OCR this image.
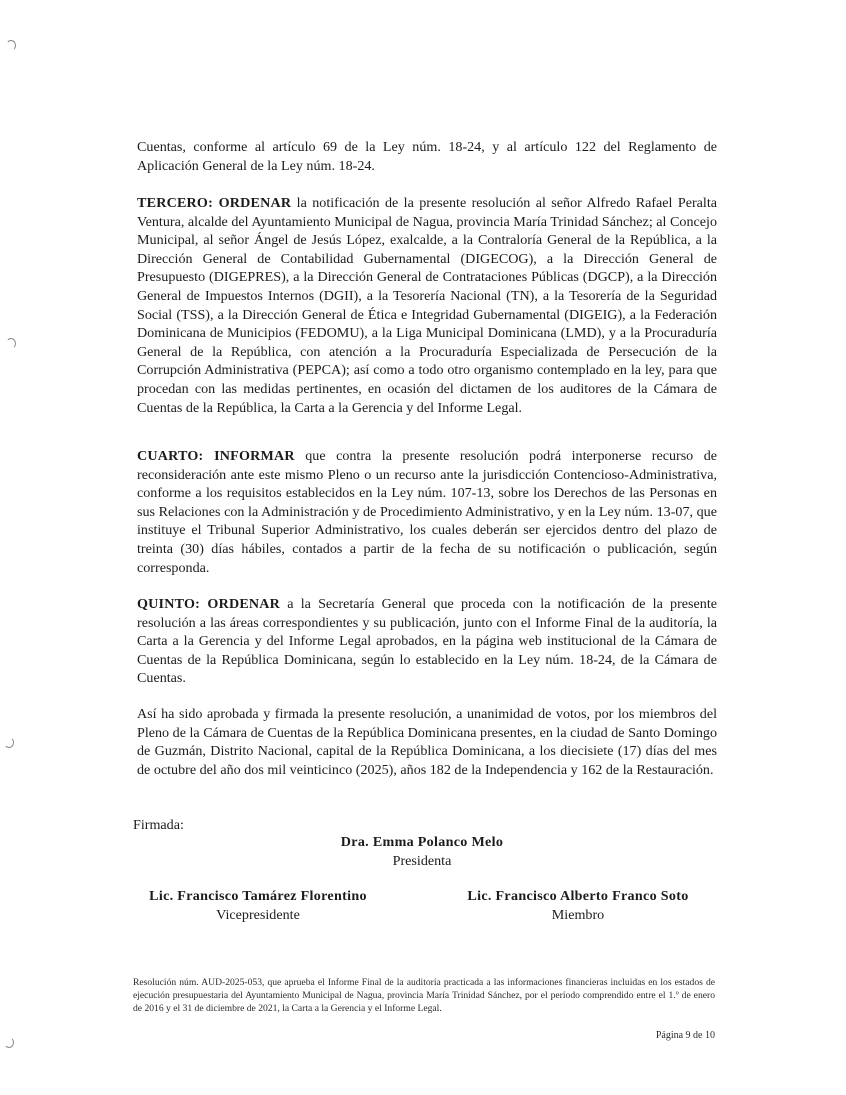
Cuentas, conforme al artículo 69 de la Ley núm. 18-24, y al artículo 122 del Reglamento de Aplicación General de la Ley núm. 18-24.

TERCERO: ORDENAR la notificación de la presente resolución al señor Alfredo Rafael Peralta Ventura, alcalde del Ayuntamiento Municipal de Nagua, provincia María Trinidad Sánchez; al Concejo Municipal, al señor Ángel de Jesús López, exalcalde, a la Contraloría General de la República, a la Dirección General de Contabilidad Gubernamental (DIGECOG), a la Dirección General de Presupuesto (DIGEPRES), a la Dirección General de Contrataciones Públicas (DGCP), a la Dirección General de Impuestos Internos (DGII), a la Tesorería Nacional (TN), a la Tesorería de la Seguridad Social (TSS), a la Dirección General de Ética e Integridad Gubernamental (DIGEIG), a la Federación Dominicana de Municipios (FEDOMU), a la Liga Municipal Dominicana (LMD), y a la Procuraduría General de la República, con atención a la Procuraduría Especializada de Persecución de la Corrupción Administrativa (PEPCA); así como a todo otro organismo contemplado en la ley, para que procedan con las medidas pertinentes, en ocasión del dictamen de los auditores de la Cámara de Cuentas de la República, la Carta a la Gerencia y del Informe Legal.

CUARTO: INFORMAR que contra la presente resolución podrá interponerse recurso de reconsideración ante este mismo Pleno o un recurso ante la jurisdicción Contencioso-Administrativa, conforme a los requisitos establecidos en la Ley núm. 107-13, sobre los Derechos de las Personas en sus Relaciones con la Administración y de Procedimiento Administrativo, y en la Ley núm. 13-07, que instituye el Tribunal Superior Administrativo, los cuales deberán ser ejercidos dentro del plazo de treinta (30) días hábiles, contados a partir de la fecha de su notificación o publicación, según corresponda.

QUINTO: ORDENAR a la Secretaría General que proceda con la notificación de la presente resolución a las áreas correspondientes y su publicación, junto con el Informe Final de la auditoría, la Carta a la Gerencia y del Informe Legal aprobados, en la página web institucional de la Cámara de Cuentas de la República Dominicana, según lo establecido en la Ley núm. 18-24, de la Cámara de Cuentas.

Así ha sido aprobada y firmada la presente resolución, a unanimidad de votos, por los miembros del Pleno de la Cámara de Cuentas de la República Dominicana presentes, en la ciudad de Santo Domingo de Guzmán, Distrito Nacional, capital de la República Dominicana, a los diecisiete (17) días del mes de octubre del año dos mil veinticinco (2025), años 182 de la Independencia y 162 de la Restauración.

Firmada:

Dra. Emma Polanco Melo
Presidenta
Lic. Francisco Tamárez Florentino
Vicepresidente
Lic. Francisco Alberto Franco Soto
Miembro

Resolución núm. AUD-2025-053, que aprueba el Informe Final de la auditoría practicada a las informaciones financieras incluidas en los estados de ejecución presupuestaria del Ayuntamiento Municipal de Nagua, provincia María Trinidad Sánchez, por el período comprendido entre el 1.º de enero de 2016 y el 31 de diciembre de 2021, la Carta a la Gerencia y el Informe Legal.

Página 9 de 10
